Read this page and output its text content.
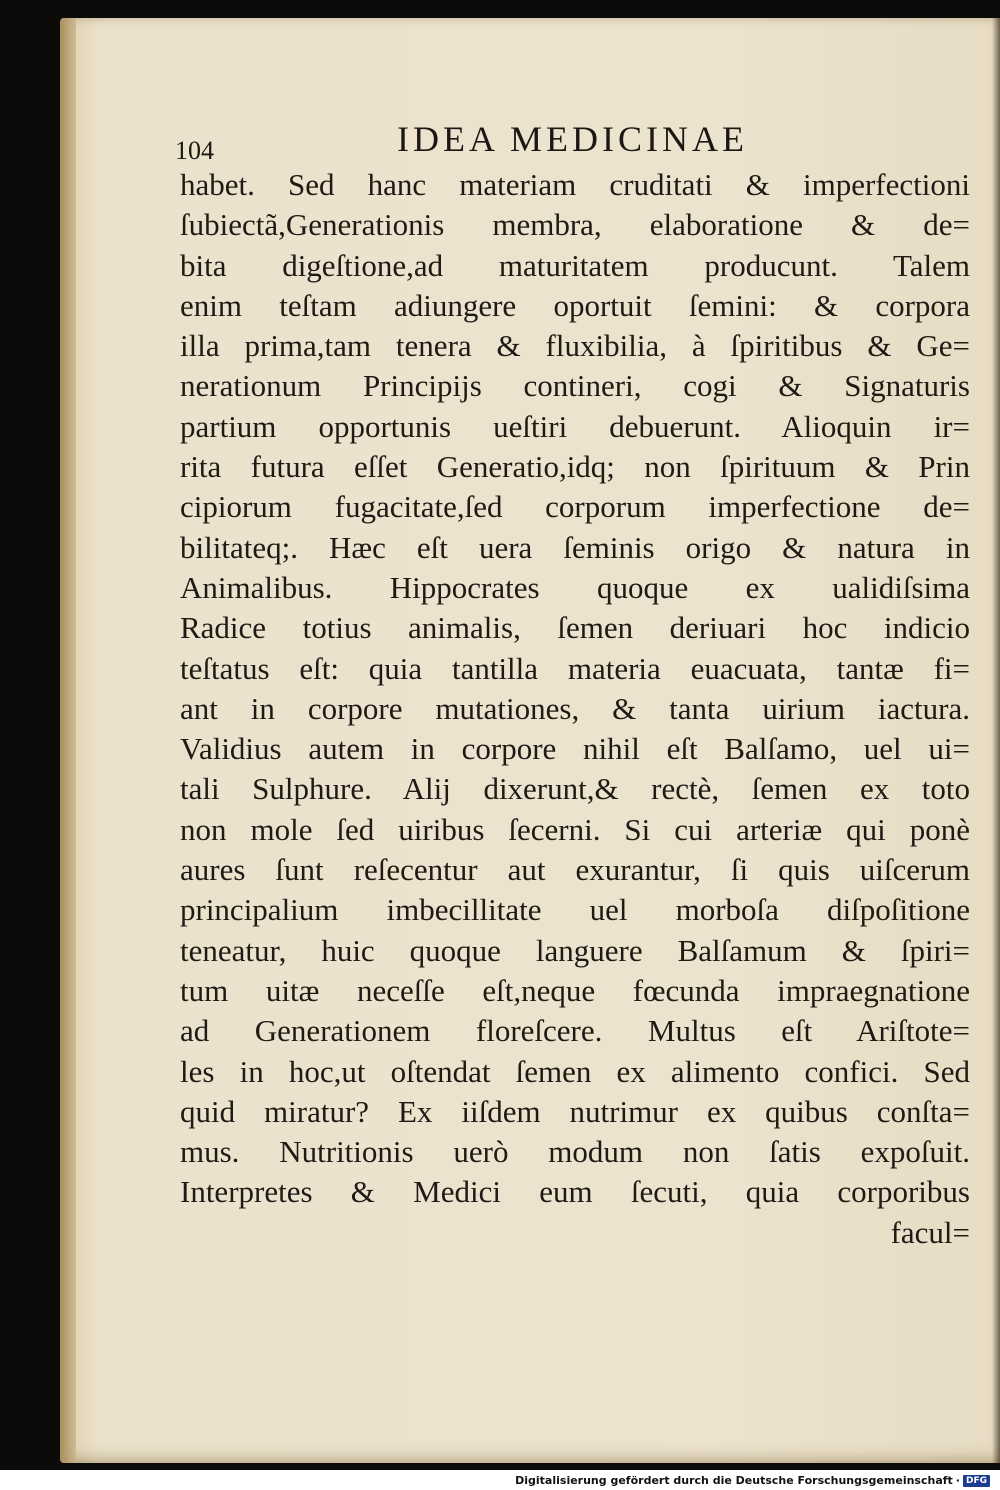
104	IDEA MEDICINAE
habet. Sed hanc materiam cruditati & imperfectioni
ſubiectã,Generationis membra, elaboratione & de=
bita digeſtione,ad maturitatem producunt. Talem
enim teſtam adiungere oportuit ſemini: & corpora
illa prima,tam tenera & fluxibilia, à ſpiritibus & Ge=
nerationum Principijs contineri, cogi & Signaturis
partium opportunis ueſtiri debuerunt. Alioquin ir=
rita futura eſſet Generatio,idq; non ſpirituum & Prin
cipiorum fugacitate,ſed corporum imperfectione de=
bilitateq;. Hæc eſt uera ſeminis origo & natura in
Animalibus. Hippocrates quoque ex ualidiſsima
Radice totius animalis, ſemen deriuari hoc indicio
teſtatus eſt: quia tantilla materia euacuata, tantæ fi=
ant in corpore mutationes, & tanta uirium iactura.
Validius autem in corpore nihil eſt Balſamo, uel ui=
tali Sulphure. Alij dixerunt,& rectè, ſemen ex toto
non mole ſed uiribus ſecerni. Si cui arteriæ qui ponè
aures ſunt reſecentur aut exurantur, ſi quis uiſcerum
principalium imbecillitate uel morboſa diſpoſitione
teneatur, huic quoque languere Balſamum & ſpiri=
tum uitæ neceſſe eſt,neque fœcunda impraegnatione
ad Generationem floreſcere. Multus eſt Ariſtote=
les in hoc,ut oſtendat ſemen ex alimento confici. Sed
quid miratur? Ex iiſdem nutrimur ex quibus conſta=
mus. Nutritionis uerò modum non ſatis expoſuit.
Interpretes & Medici eum ſecuti, quia corporibus
facul=
Digitalisierung gefördert durch die Deutsche Forschungsgemeinschaft · DFG
